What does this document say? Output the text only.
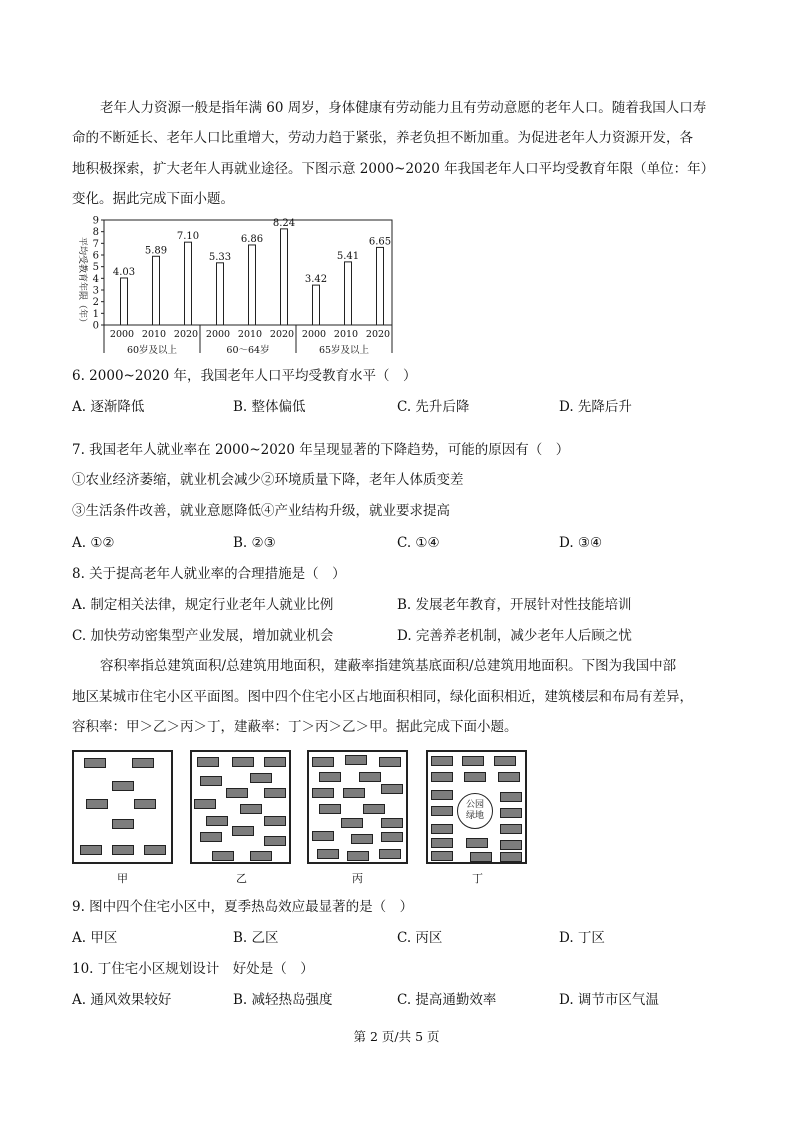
老年人力资源一般是指年满 60 周岁，身体健康有劳动能力且有劳动意愿的老年人口。随着我国人口寿
命的不断延长、老年人口比重增大，劳动力趋于紧张，养老负担不断加重。为促进老年人力资源开发，各
地积极探索，扩大老年人再就业途径。下图示意 2000~2020 年我国老年人口平均受教育年限（单位：年）
变化。据此完成下面小题。
平均受教育年限（年） 0
1
2
3
4
5
6
7
8
9
4.03
5.89
7.10
5.33
6.86
8.24
3.42
5.41
6.65
2000 2010 2020
60岁及以上
2000 2010 2020
60～64岁
2000 2010 2020
65岁及以上
6. 2000~2020 年，我国老年人口平均受教育水平（　）
A. 逐渐降低	B. 整体偏低	C. 先升后降	D. 先降后升
7. 我国老年人就业率在 2000~2020 年呈现显著的下降趋势，可能的原因有（　）
①农业经济萎缩，就业机会减少②环境质量下降，老年人体质变差
③生活条件改善，就业意愿降低④产业结构升级，就业要求提高
A. ①②	B. ②③	C. ①④	D. ③④
8. 关于提高老年人就业率的合理措施是（　）
A. 制定相关法律，规定行业老年人就业比例	B. 发展老年教育，开展针对性技能培训
C. 加快劳动密集型产业发展，增加就业机会	D. 完善养老机制，减少老年人后顾之忧
容积率指总建筑面积/总建筑用地面积，建蔽率指建筑基底面积/总建筑用地面积。下图为我国中部
地区某城市住宅小区平面图。图中四个住宅小区占地面积相同，绿化面积相近，建筑楼层和布局有差异，
容积率：甲＞乙＞丙＞丁，建蔽率：丁＞丙＞乙＞甲。据此完成下面小题。
公园
绿地
甲	乙	丙	丁
9. 图中四个住宅小区中，夏季热岛效应最显著的是（　）
A. 甲区	B. 乙区	C. 丙区	D. 丁区
10. 丁住宅小区规划设计　好处是（　）
A. 通风效果较好	B. 减轻热岛强度	C. 提高通勤效率	D. 调节市区气温
第 2 页/共 5 页
